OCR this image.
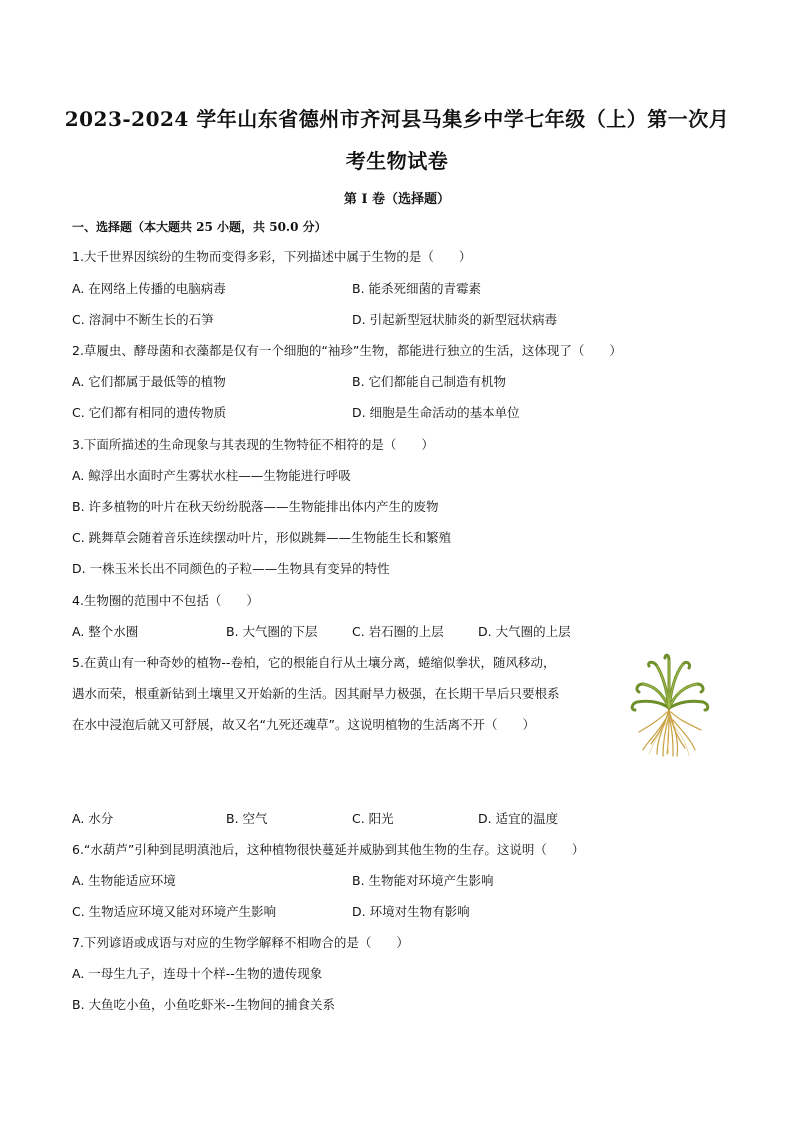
2023-2024 学年山东省德州市齐河县马集乡中学七年级（上）第一次月
考生物试卷
第 I 卷（选择题）
一、选择题（本大题共 25 小题，共 50.0 分）
1.大千世界因缤纷的生物而变得多彩，下列描述中属于生物的是（　　）
A. 在网络上传播的电脑病毒	B. 能杀死细菌的青霉素
C. 溶洞中不断生长的石笋	D. 引起新型冠状肺炎的新型冠状病毒
2.草履虫、酵母菌和衣藻都是仅有一个细胞的“袖珍”生物，都能进行独立的生活，这体现了（　　）
A. 它们都属于最低等的植物	B. 它们都能自己制造有机物
C. 它们都有相同的遗传物质	D. 细胞是生命活动的基本单位
3.下面所描述的生命现象与其表现的生物特征不相符的是（　　）
A. 鲸浮出水面时产生雾状水柱——生物能进行呼吸
B. 许多植物的叶片在秋天纷纷脱落——生物能排出体内产生的废物
C. 跳舞草会随着音乐连续摆动叶片，形似跳舞——生物能生长和繁殖
D. 一株玉米长出不同颜色的子粒——生物具有变异的特性
4.生物圈的范围中不包括（　　）
A. 整个水圈	B. 大气圈的下层	C. 岩石圈的上层	D. 大气圈的上层
5.在黄山有一种奇妙的植物--卷柏，它的根能自行从土壤分离，蜷缩似拳状，随风移动，
遇水而荣，根重新钻到土壤里又开始新的生活。因其耐旱力极强，在长期干旱后只要根系
在水中浸泡后就又可舒展，故又名“九死还魂草”。这说明植物的生活离不开（　　）
A. 水分	B. 空气	C. 阳光	D. 适宜的温度
6.“水葫芦”引种到昆明滇池后，这种植物很快蔓延并威胁到其他生物的生存。这说明（　　）
A. 生物能适应环境	B. 生物能对环境产生影响
C. 生物适应环境又能对环境产生影响	D. 环境对生物有影响
7.下列谚语或成语与对应的生物学解释不相吻合的是（　　）
A. 一母生九子，连母十个样--生物的遗传现象
B. 大鱼吃小鱼，小鱼吃虾米--生物间的捕食关系
